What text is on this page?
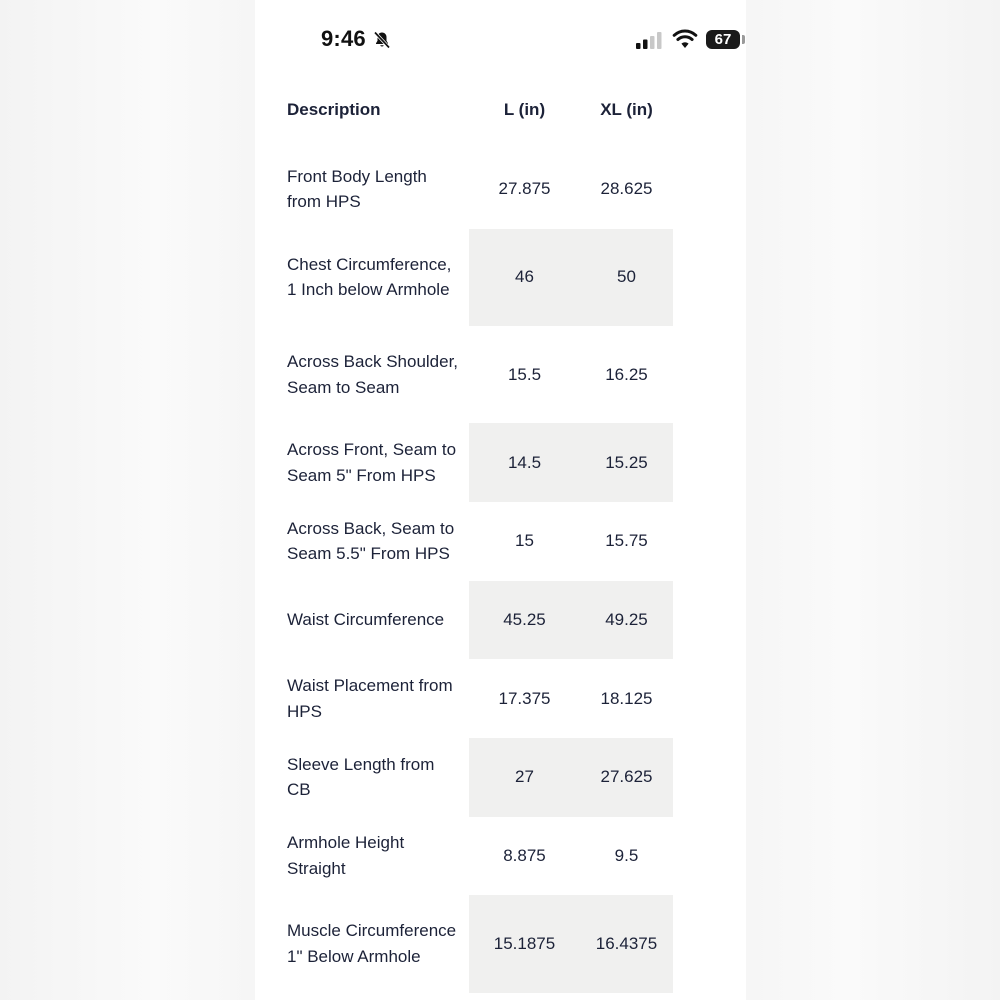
9:46	67
Description	L (in)	XL (in)
Front Body Length from HPS
27.875	28.625
Chest Circumference, 1 Inch below Armhole
46	50
Across Back Shoulder, Seam to Seam
15.5	16.25
Across Front, Seam to Seam 5" From HPS
14.5	15.25
Across Back, Seam to Seam 5.5" From HPS
15	15.75
Waist Circumference	45.25	49.25
Waist Placement from HPS
17.375	18.125
Sleeve Length from CB
27	27.625
Armhole Height Straight
8.875	9.5
Muscle Circumference 1" Below Armhole
15.1875	16.4375
